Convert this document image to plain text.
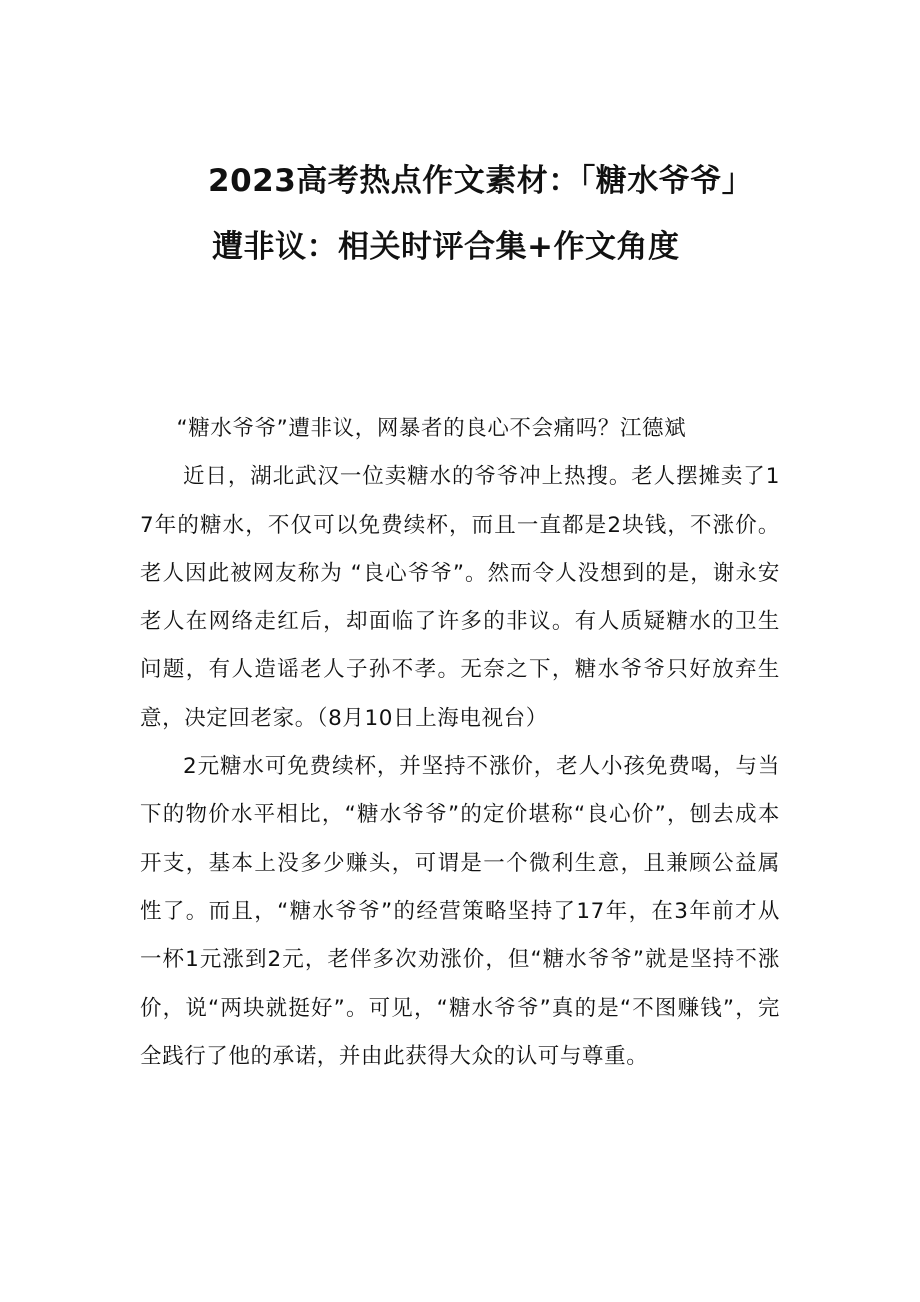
2023高考热点作文素材：「糖水爷爷」
遭非议：相关时评合集+作文角度

“糖水爷爷”遭非议，网暴者的良心不会痛吗？江德斌

近日，湖北武汉一位卖糖水的爷爷冲上热搜。老人摆摊卖了17年的糖水，不仅可以免费续杯，而且一直都是2块钱，不涨价。老人因此被网友称为 “良心爷爷”。然而令人没想到的是，谢永安老人在网络走红后，却面临了许多的非议。有人质疑糖水的卫生问题，有人造谣老人子孙不孝。无奈之下，糖水爷爷只好放弃生意，决定回老家。（8月10日上海电视台）

2元糖水可免费续杯，并坚持不涨价，老人小孩免费喝，与当下的物价水平相比，“糖水爷爷”的定价堪称“良心价”，刨去成本开支，基本上没多少赚头，可谓是一个微利生意，且兼顾公益属性了。而且，“糖水爷爷”的经营策略坚持了17年，在3年前才从一杯1元涨到2元，老伴多次劝涨价，但“糖水爷爷”就是坚持不涨价，说“两块就挺好”。可见，“糖水爷爷”真的是“不图赚钱”，完全践行了他的承诺，并由此获得大众的认可与尊重。
